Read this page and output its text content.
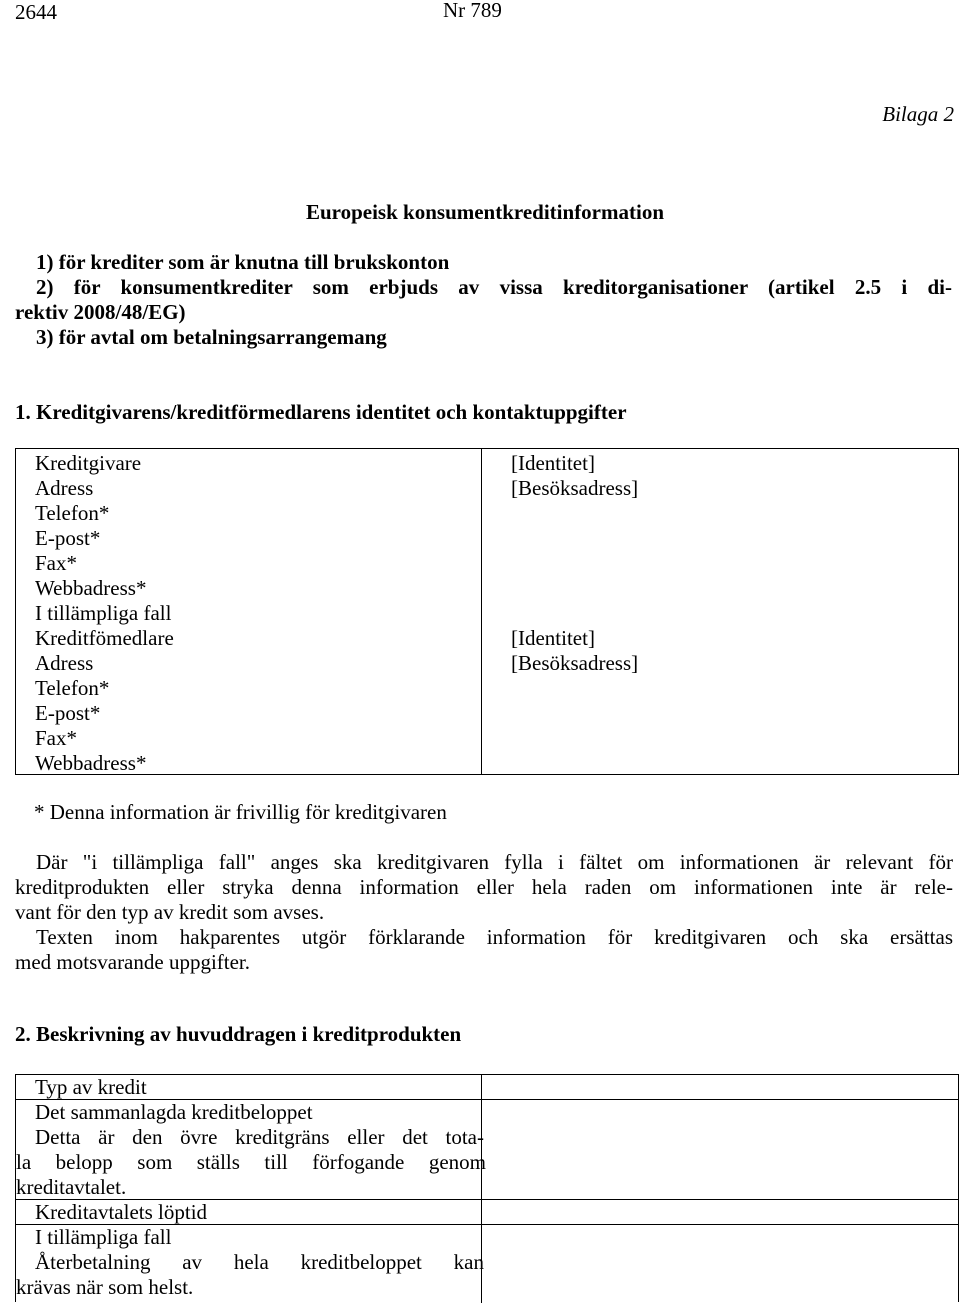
2644	Nr 789
Bilaga 2
Europeisk konsumentkreditinformation
1) för krediter som är knutna till brukskonton
2) för konsumentkrediter som erbjuds av vissa kreditorganisationer (artikel 2.5 i di-
rektiv 2008/48/EG)
3) för avtal om betalningsarrangemang
1. Kreditgivarens/kreditförmedlarens identitet och kontaktuppgifter
Kreditgivare
Adress
Telefon*
E-post*
Fax*
Webbadress*
I tillämpliga fall
Kreditfömedlare
Adress
Telefon*
E-post*
Fax*
Webbadress*
[Identitet]
[Besöksadress]
[Identitet]
[Besöksadress]
* Denna information är frivillig för kreditgivaren
Där "i tillämpliga fall" anges ska kreditgivaren fylla i fältet om informationen är relevant för
kreditprodukten eller stryka denna information eller hela raden om informationen inte är rele-
vant för den typ av kredit som avses.
Texten inom hakparentes utgör förklarande information för kreditgivaren och ska ersättas
med motsvarande uppgifter.
2. Beskrivning av huvuddragen i kreditprodukten
Typ av kredit
Det sammanlagda kreditbeloppet
Detta är den övre kreditgräns eller det tota-
la belopp som ställs till förfogande genom
kreditavtalet.
Kreditavtalets löptid
I tillämpliga fall
Återbetalning av hela kreditbeloppet kan
krävas när som helst.
